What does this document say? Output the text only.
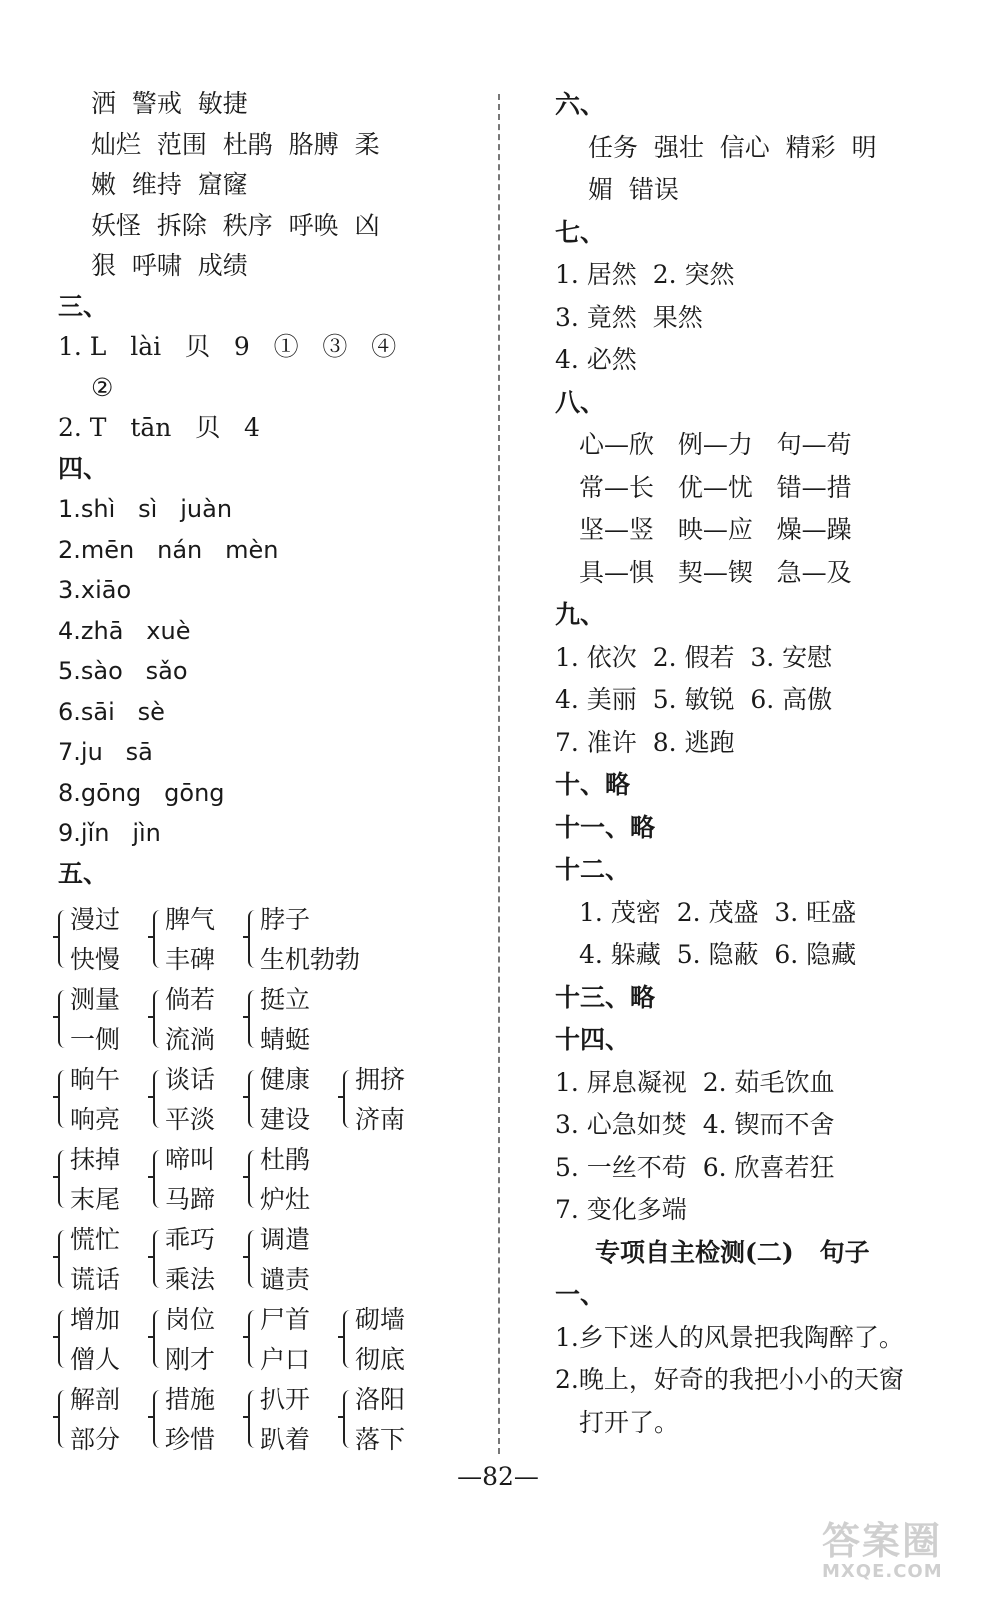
洒  警戒  敏捷
灿烂  范围  杜鹃  胳膊  柔
嫩  维持  窟窿
妖怪  拆除  秩序  呼唤  凶
狠  呼啸  成绩
三、
1. L   lài   贝   9   ①   ③   ④
②
2. T   tān   贝   4
四、
1.shì   sì   juàn
2.mēn   nán   mèn
3.xiāo
4.zhā   xuè
5.sào   sǎo
6.sāi   sè
7.ju   sā
8.gōng   gōng
9.jǐn   jìn
五、
漫过
快慢
脾气
丰碑
脖子
生机勃勃
测量
一侧
倘若
流淌
挺立
蜻蜓
晌午
响亮
谈话
平淡
健康
建设
拥挤
济南
抹掉
末尾
啼叫
马蹄
杜鹃
炉灶
慌忙
谎话
乖巧
乘法
调遣
谴责
增加
僧人
岗位
刚才
尸首
户口
砌墙
彻底
解剖
部分
措施
珍惜
扒开
趴着
洛阳
落下
六、
任务  强壮  信心  精彩  明
媚  错误
七、
1. 居然  2. 突然
3. 竟然  果然
4. 必然
八、
心—欣   例—力   句—苟
常—长   优—忧   错—措
坚—竖   映—应   燥—躁
具—惧   契—锲   急—及
九、
1. 依次  2. 假若  3. 安慰
4. 美丽  5. 敏锐  6. 高傲
7. 准许  8. 逃跑
十、略
十一、略
十二、
1. 茂密  2. 茂盛  3. 旺盛
4. 躲藏  5. 隐蔽  6. 隐藏
十三、略
十四、
1. 屏息凝视  2. 茹毛饮血
3. 心急如焚  4. 锲而不舍
5. 一丝不苟  6. 欣喜若狂
7. 变化多端
专项自主检测(二) 句子
一、
1.乡下迷人的风景把我陶醉了。
2.晚上，好奇的我把小小的天窗
打开了。
—82—
答案圈
MXQE.COM
